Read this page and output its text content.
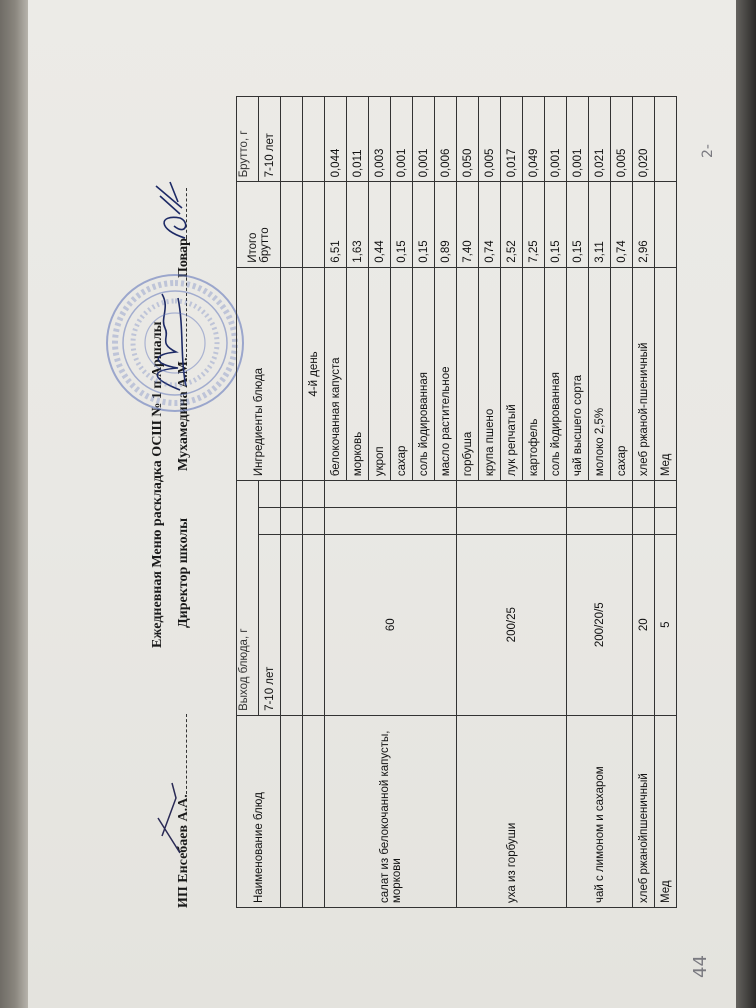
44
2-
Ежедневная Меню раскладка ОСШ № 1 п.Аршалы
ИП Енсебаев А.А.
Директор школы  Мухамедина А.М.
Повар
Наименование блюд	Выход блюда, г			Ингредиенты блюда	Итого брутто	Брутто, г
	7-10 лет					7-10 лет

				4-й день		
салат из белокочанной капусты, моркови	60			белокочанная капуста	6,51	0,044
				морковь	1,63	0,011
				укроп	0,44	0,003
				сахар	0,15	0,001
				соль йодированная	0,15	0,001
				масло растительное	0,89	0,006
уха из горбуши	200/25			горбуша	7,40	0,050
				крупа пшено	0,74	0,005
				лук репчатый	2,52	0,017
				картофель	7,25	0,049
				соль йодированная	0,15	0,001
чай с лимоном и сахаром	200/20/5			чай высшего сорта	0,15	0,001
				молоко 2,5%	3,11	0,021
				сахар	0,74	0,005
хлеб ржанойпшеничный	20			хлеб ржаной-пшеничный	2,96	0,020
Мед	5			Мед		
